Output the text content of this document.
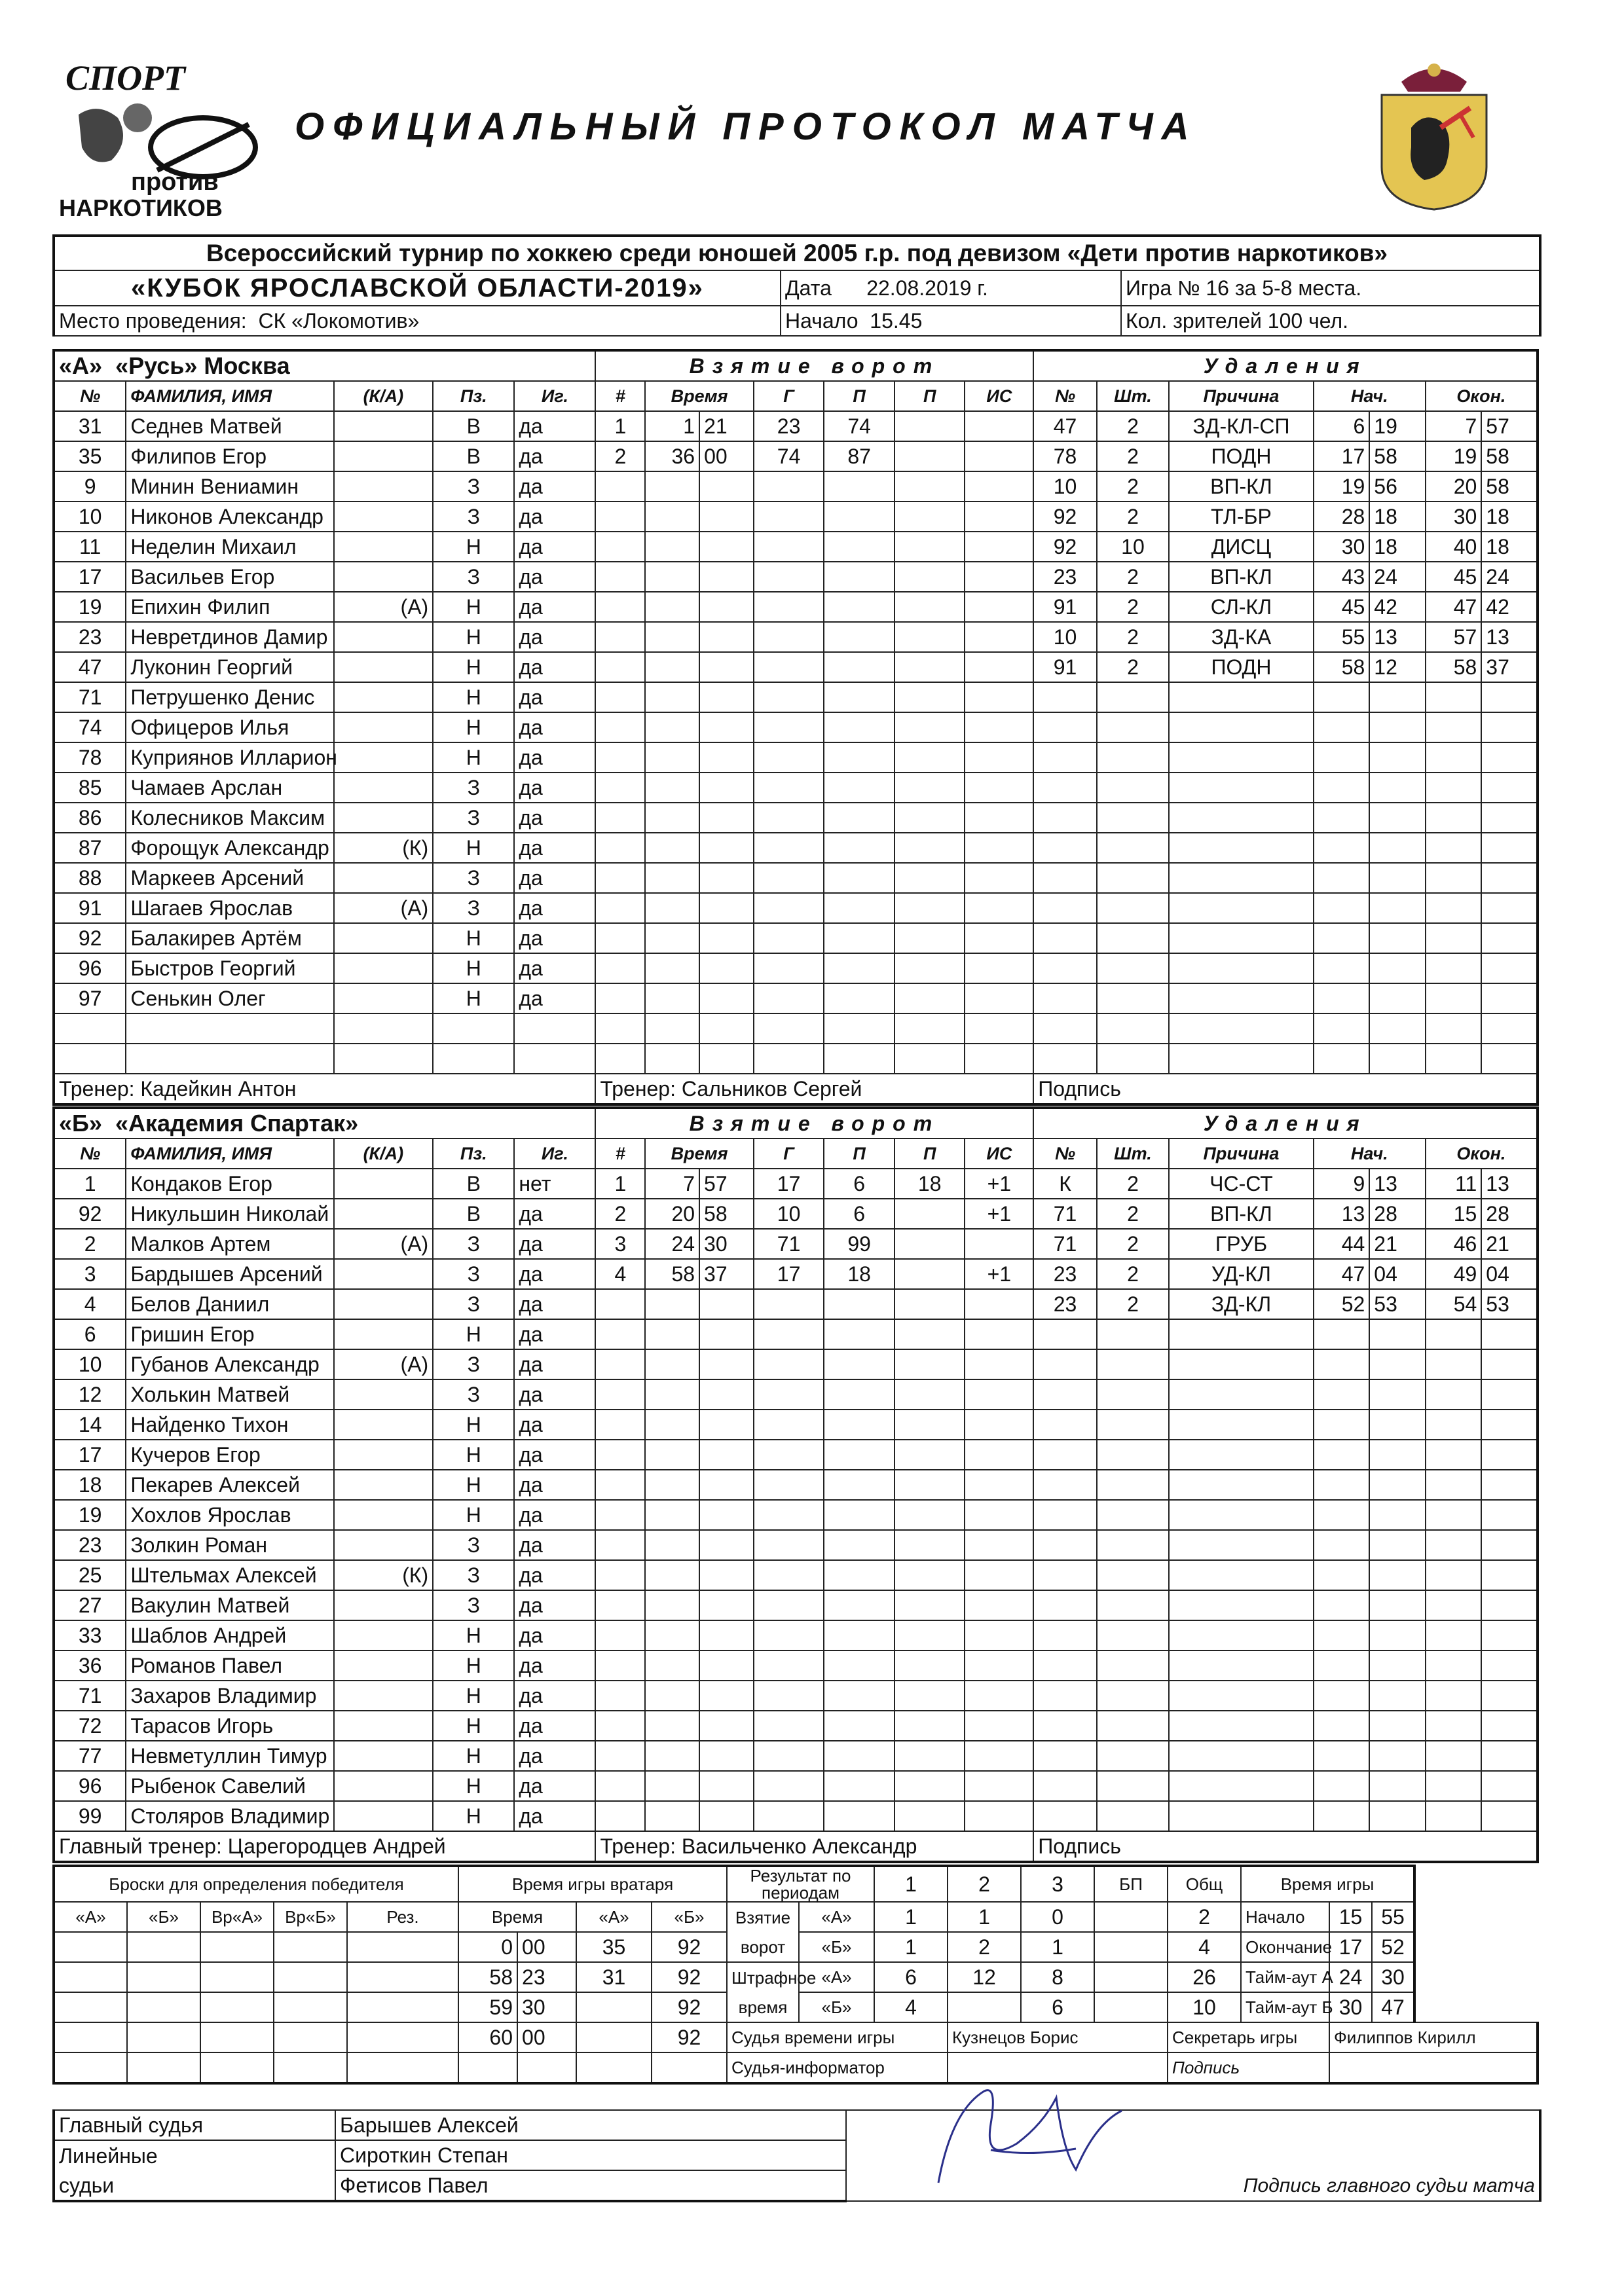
СПОРТ
против
НАРКОТИКОВ
ОФИЦИАЛЬНЫЙ ПРОТОКОЛ МАТЧА
Всероссийский турнир по хоккею среди юношей 2005 г.р. под девизом «Дети против наркотиков»		
«КУБОК ЯРОСЛАВСКОЙ ОБЛАСТИ-2019»	Дата 22.08.2019 г.	Игра № 16 за 5-8 места.
Место проведения: СК «Локомотив»	Начало 15.45	Кол. зрителей 100 чел.
«А» «Русь» Москва					Взятие ворот							Удаления						
№	ФАМИЛИЯ, ИМЯ	(К/А)	Пз.	Иг.	#	Время		Г	П	П	ИС	№	Шт.	Причина	Нач.		Окон.	
31	Седнев Матвей		В	да	1	1	21	23	74			47	2	ЗД-КЛ-СП	6	19	7	57
35	Филипов Егор		В	да	2	36	00	74	87			78	2	ПОДН	17	58	19	58
9	Минин Вениамин		З	да								10	2	ВП-КЛ	19	56	20	58
10	Никонов Александр		З	да								92	2	ТЛ-БР	28	18	30	18
11	Неделин Михаил		Н	да								92	10	ДИСЦ	30	18	40	18
17	Васильев Егор		З	да								23	2	ВП-КЛ	43	24	45	24
19	Епихин Филип	(А)	Н	да								91	2	СЛ-КЛ	45	42	47	42
23	Невретдинов Дамир		Н	да								10	2	ЗД-КА	55	13	57	13
47	Луконин Георгий		Н	да								91	2	ПОДН	58	12	58	37
71	Петрушенко Денис		Н	да														
74	Офицеров Илья		Н	да														
78	Куприянов Илларион		Н	да														
85	Чамаев Арслан		З	да														
86	Колесников Максим		З	да														
87	Форощук Александр	(К)	Н	да														
88	Маркеев Арсений		З	да														
91	Шагаев Ярослав	(А)	З	да														
92	Балакирев Артём		Н	да														
96	Быстров Георгий		Н	да														
97	Сенькин Олег		Н	да														

Тренер: Кадейкин Антон					Тренер: Сальников Сергей							Подпись						
«Б» «Академия Спартак»					Взятие ворот							Удаления						
№	ФАМИЛИЯ, ИМЯ	(К/А)	Пз.	Иг.	#	Время		Г	П	П	ИС	№	Шт.	Причина	Нач.		Окон.	
1	Кондаков Егор		В	нет	1	7	57	17	6	18	+1	К	2	ЧС-СТ	9	13	11	13
92	Никульшин Николай		В	да	2	20	58	10	6		+1	71	2	ВП-КЛ	13	28	15	28
2	Малков Артем	(А)	З	да	3	24	30	71	99			71	2	ГРУБ	44	21	46	21
3	Бардышев Арсений		З	да	4	58	37	17	18		+1	23	2	УД-КЛ	47	04	49	04
4	Белов Даниил		З	да								23	2	ЗД-КЛ	52	53	54	53
6	Гришин Егор		Н	да														
10	Губанов Александр	(А)	З	да														
12	Холькин Матвей		З	да														
14	Найденко Тихон		Н	да														
17	Кучеров Егор		Н	да														
18	Пекарев Алексей		Н	да														
19	Хохлов Ярослав		Н	да														
23	Золкин Роман		З	да														
25	Штельмах Алексей	(К)	З	да														
27	Вакулин Матвей		З	да														
33	Шаблов Андрей		Н	да														
36	Романов Павел		Н	да														
71	Захаров Владимир		Н	да														
72	Тарасов Игорь		Н	да														
77	Невметуллин Тимур		Н	да														
96	Рыбенок Савелий		Н	да														
99	Столяров Владимир		Н	да														
Главный тренер: Царегородцев Андрей					Тренер: Васильченко Александр							Подпись						
Броски для определения победителя					Время игры вратаря				Результат по периодам		1	2	3	БП	Общ	Время игры		
«А»	«Б»	Вр«А»	Вр«Б»	Рез.	Время		«А»	«Б»	Взятие	«А»	1	1	0		2	Начало	15	55
					0	00	35	92	ворот	«Б»	1	2	1		4	Окончание	17	52
					58	23	31	92	Штрафное	«А»	6	12	8		26	Тайм-аут А	24	30
					59	30		92	время	«Б»	4		6		10	Тайм-аут Б	30	47
					60	00		92	Судья времени игры			Кузнецов Борис			Секретарь игры		Филиппов Кирилл	
									Судья-информатор						Подпись			
Главный судья	Барышев Алексей	Подпись главного судьи матча
Линейные	Сироткин Степан	
судьи	Фетисов Павел	
